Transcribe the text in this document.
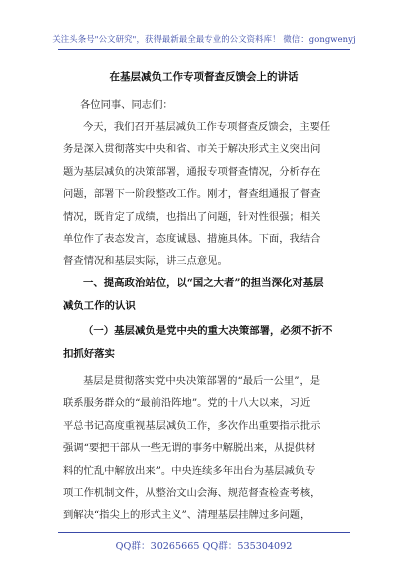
关注头条号"公文研究"，获得最新最全最专业的公文资料库！ 微信：gongwenyj
在基层减负工作专项督查反馈会上的讲话
各位同事、同志们：
今天，我们召开基层减负工作专项督查反馈会，主要任
务是深入贯彻落实中央和省、市关于解决形式主义突出问
题为基层减负的决策部署，通报专项督查情况，分析存在
问题，部署下一阶段整改工作。刚才，督查组通报了督查
情况，既肯定了成绩，也指出了问题，针对性很强；相关
单位作了表态发言，态度诚恳、措施具体。下面，我结合
督查情况和基层实际，讲三点意见。
一、提高政治站位，以“国之大者”的担当深化对基层
减负工作的认识
（一）基层减负是党中央的重大决策部署，必须不折不
扣抓好落实
基层是贯彻落实党中央决策部署的“最后一公里”，是
联系服务群众的“最前沿阵地”。党的十八大以来，习近
平总书记高度重视基层减负工作，多次作出重要指示批示
强调“要把干部从一些无谓的事务中解脱出来，从提供材
料的忙乱中解放出来”。中央连续多年出台为基层减负专
项工作机制文件，从整治文山会海、规范督查检查考核，
到解决“指尖上的形式主义”、清理基层挂牌过多问题，
QQ群：30265665 QQ群：535304092
